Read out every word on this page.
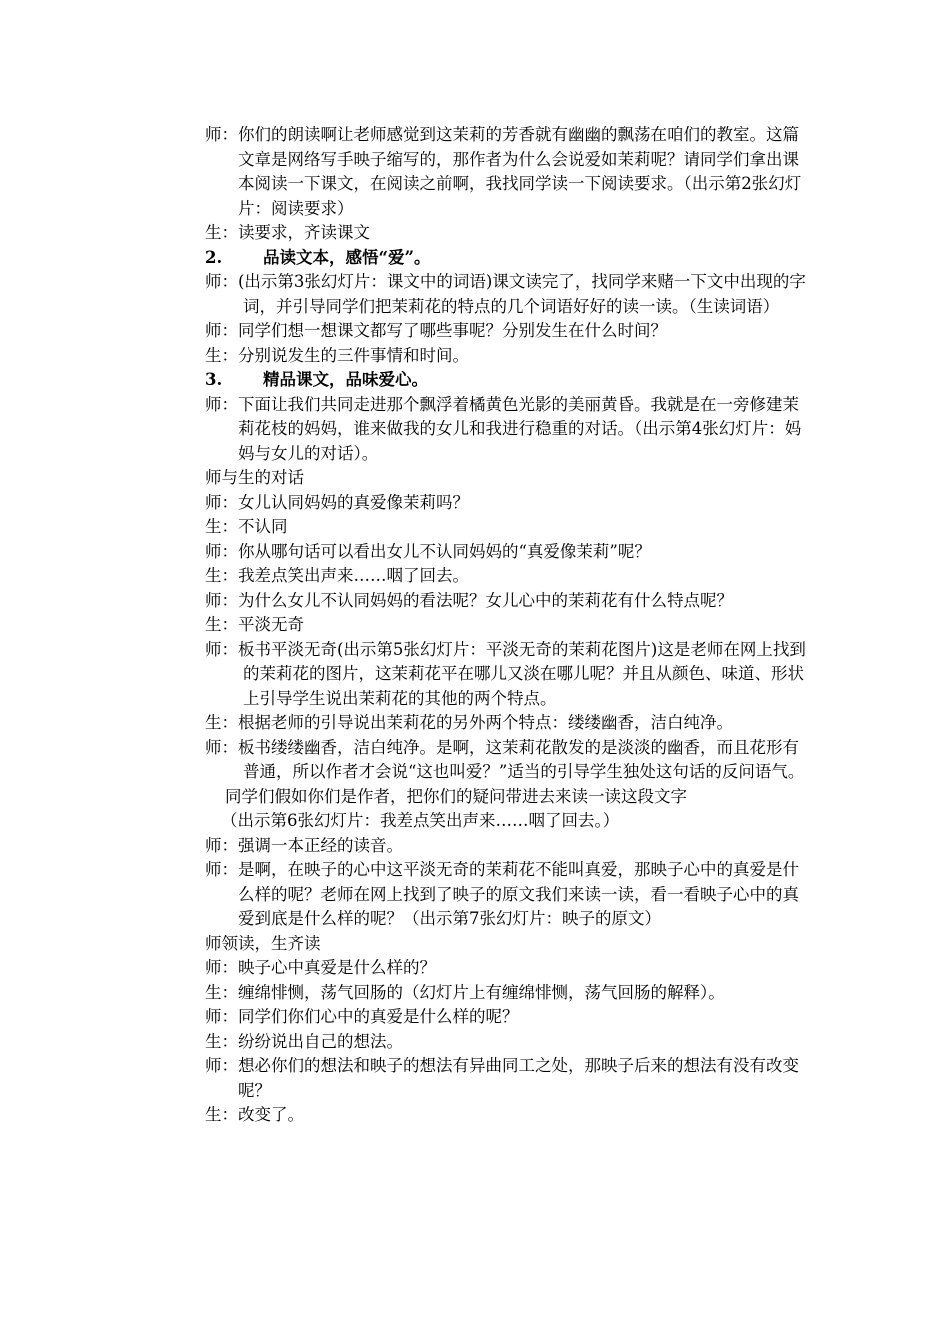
师：你们的朗读啊让老师感觉到这茉莉的芳香就有幽幽的飘荡在咱们的教室。这篇文章是网络写手映子缩写的，那作者为什么会说爱如茉莉呢？请同学们拿出课本阅读一下课文，在阅读之前啊，我找同学读一下阅读要求。（出示第2张幻灯片：阅读要求）

生：读要求，齐读课文

2. 品读文本，感悟“爱”。

师：(出示第3张幻灯片：课文中的词语)课文读完了，找同学来赌一下文中出现的字词，并引导同学们把茉莉花的特点的几个词语好好的读一读。（生读词语）

师：同学们想一想课文都写了哪些事呢？分别发生在什么时间？

生：分别说发生的三件事情和时间。

3. 精品课文，品味爱心。

师：下面让我们共同走进那个飘浮着橘黄色光影的美丽黄昏。我就是在一旁修建茉莉花枝的妈妈，谁来做我的女儿和我进行稳重的对话。（出示第4张幻灯片：妈妈与女儿的对话）。

师与生的对话

师：女儿认同妈妈的真爱像茉莉吗？

生：不认同

师：你从哪句话可以看出女儿不认同妈妈的“真爱像茉莉”呢？

生：我差点笑出声来……咽了回去。

师：为什么女儿不认同妈妈的看法呢？女儿心中的茉莉花有什么特点呢？

生：平淡无奇

师：板书平淡无奇(出示第5张幻灯片：平淡无奇的茉莉花图片)这是老师在网上找到的茉莉花的图片，这茉莉花平在哪儿又淡在哪儿呢？并且从颜色、味道、形状上引导学生说出茉莉花的其他的两个特点。

生：根据老师的引导说出茉莉花的另外两个特点：缕缕幽香，洁白纯净。

师：板书缕缕幽香，洁白纯净。是啊，这茉莉花散发的是淡淡的幽香，而且花形有普通，所以作者才会说“这也叫爱？”适当的引导学生独处这句话的反问语气。

同学们假如你们是作者，把你们的疑问带进去来读一读这段文字

（出示第6张幻灯片：我差点笑出声来……咽了回去。）

师：强调一本正经的读音。

师：是啊，在映子的心中这平淡无奇的茉莉花不能叫真爱，那映子心中的真爱是什么样的呢？老师在网上找到了映子的原文我们来读一读，看一看映子心中的真爱到底是什么样的呢？（出示第7张幻灯片：映子的原文）

师领读，生齐读

师：映子心中真爱是什么样的？

生：缠绵悱恻，荡气回肠的（幻灯片上有缠绵悱恻，荡气回肠的解释）。

师：同学们你们心中的真爱是什么样的呢？

生：纷纷说出自己的想法。

师：想必你们的想法和映子的想法有异曲同工之处，那映子后来的想法有没有改变呢？

生：改变了。
